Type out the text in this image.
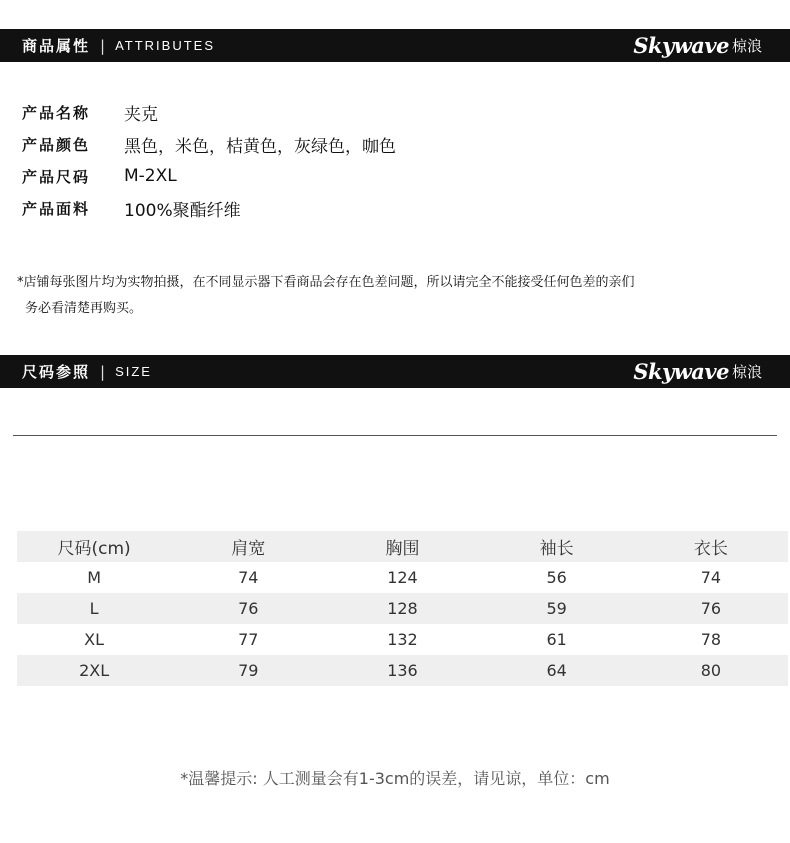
商品属性 | ATTRIBUTES	Skywave 椋浪
产品名称	夹克
产品颜色	黑色，米色，桔黄色，灰绿色，咖色
产品尺码	M-2XL
产品面料	100%聚酯纤维
*店铺每张图片均为实物拍摄，在不同显示器下看商品会存在色差问题，所以请完全不能接受任何色差的亲们
务必看清楚再购买。
尺码参照 | SIZE	Skywave 椋浪
尺码(cm)	肩宽	胸围	袖长	衣长
M	74	124	56	74
L	76	128	59	76
XL	77	132	61	78
2XL	79	136	64	80
*温馨提示: 人工测量会有1-3cm的误差，请见谅，单位：cm
